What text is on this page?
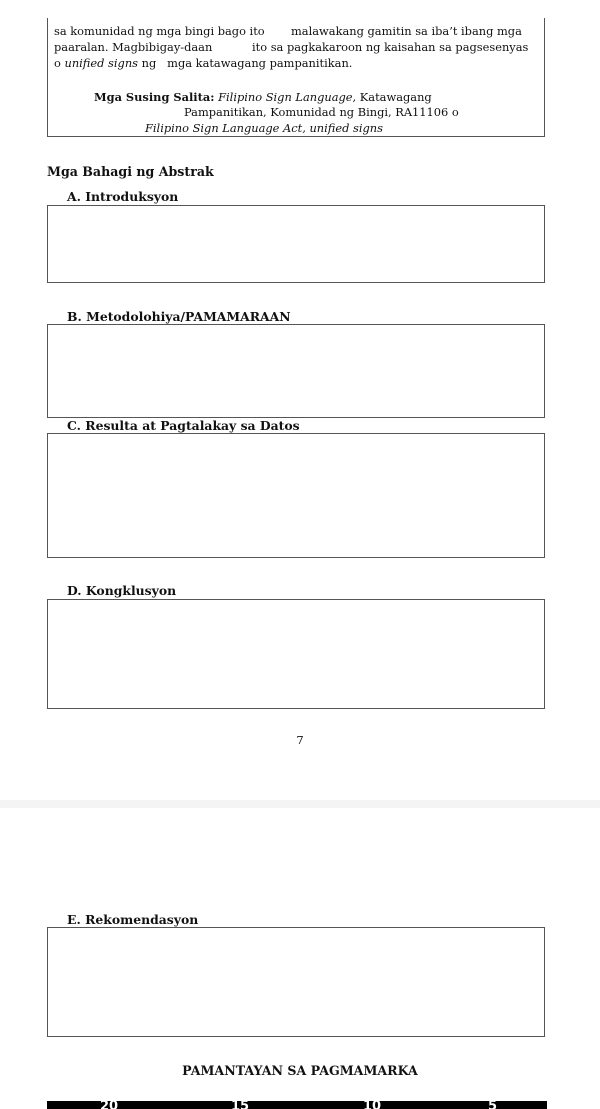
sa komunidad ng mga bingi bago ito malawakang gamitin sa iba’t ibang mga
paaralan. Magbibigay-daan	ito sa pagkakaroon ng kaisahan sa pagsesenyas
o unified signs ng mga katawagang pampanitikan.
Mga Susing Salita: Filipino Sign Language, Katawagang
Pampanitikan, Komunidad ng Bingi, RA11106 o
Filipino Sign Language Act, unified signs
Mga Bahagi ng Abstrak
A. Introduksyon
B. Metodolohiya/PAMAMARAAN
C. Resulta at Pagtalakay sa Datos
D. Kongklusyon
7
E. Rekomendasyon
PAMANTAYAN SA PAGMAMARKA
20	15	10	5
